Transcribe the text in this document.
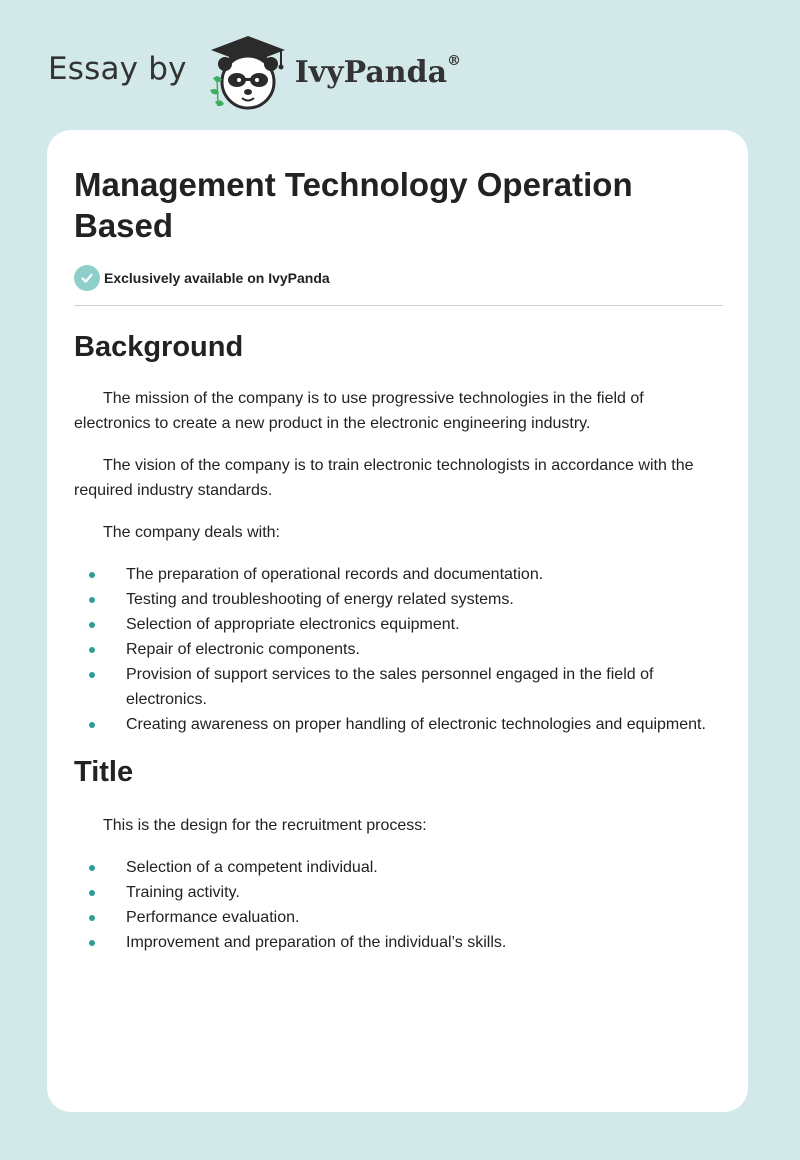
Essay by	IvyPanda®
Management Technology Operation Based
Exclusively available on IvyPanda
Background

The mission of the company is to use progressive technologies in the field of electronics to create a new product in the electronic engineering industry.

The vision of the company is to train electronic technologists in accordance with the required industry standards.

The company deals with:

The preparation of operational records and documentation.
Testing and troubleshooting of energy related systems.
Selection of appropriate electronics equipment.
Repair of electronic components.
Provision of support services to the sales personnel engaged in the field of electronics.
Creating awareness on proper handling of electronic technologies and equipment.
Title

This is the design for the recruitment process:

Selection of a competent individual.
Training activity.
Performance evaluation.
Improvement and preparation of the individual’s skills.
